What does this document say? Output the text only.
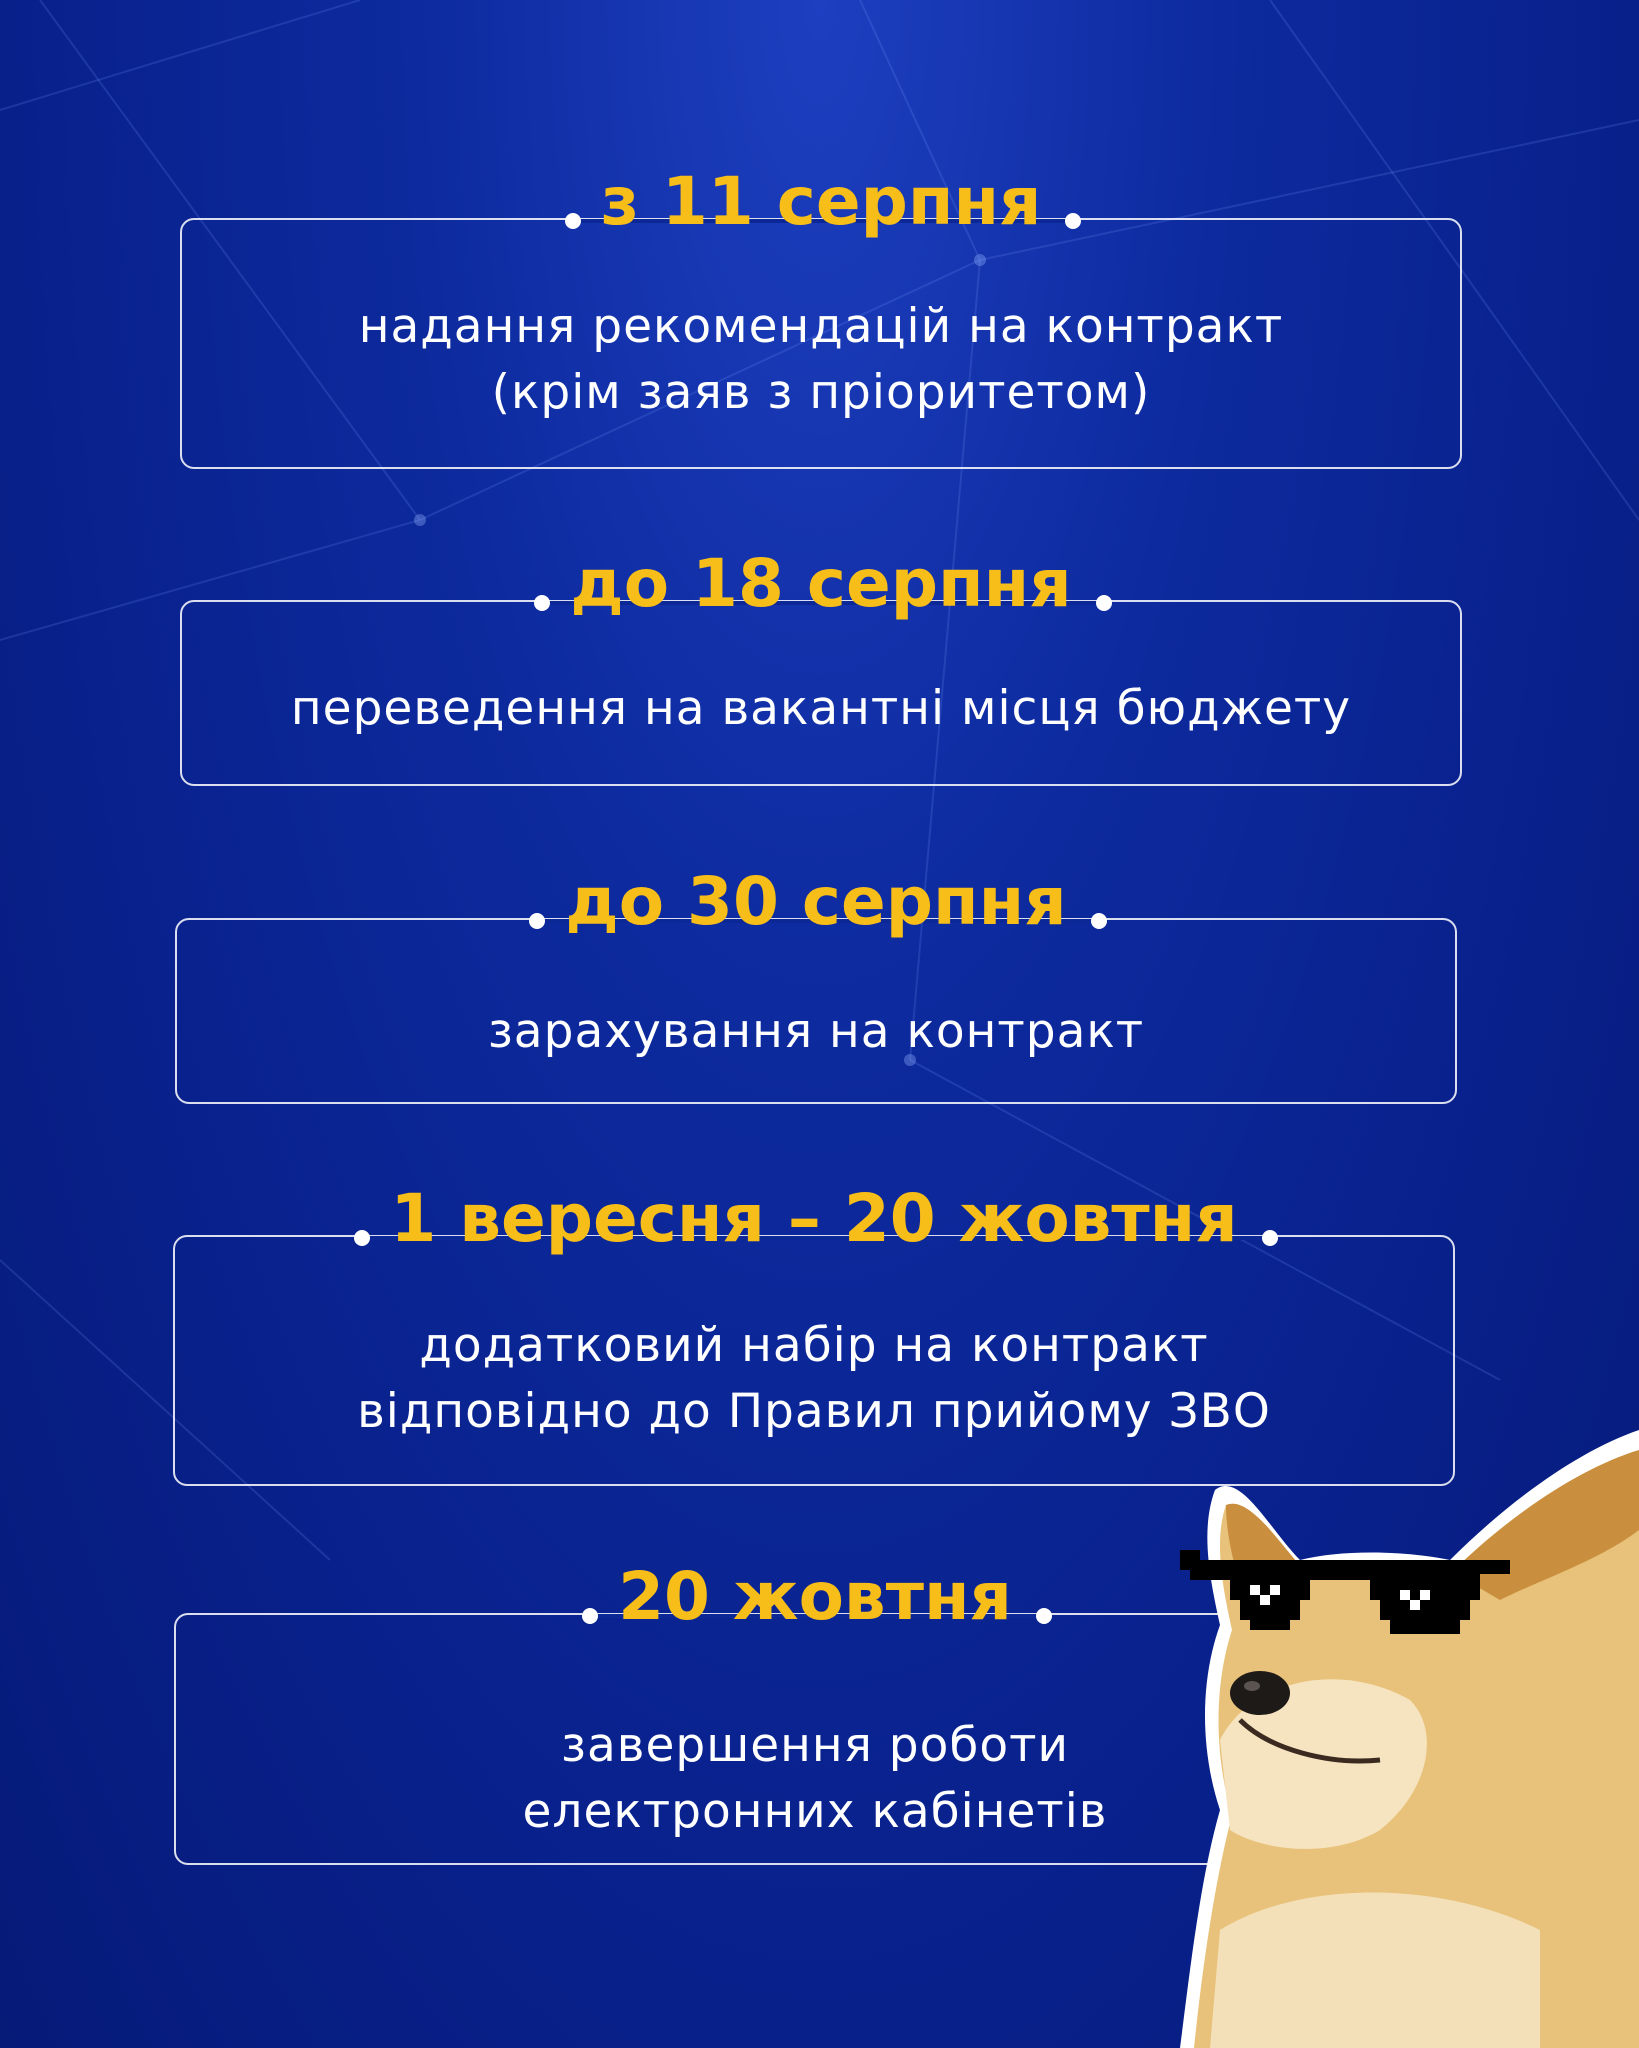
з 11 серпня
надання рекомендацій на контракт
(крім заяв з пріоритетом)
до 18 серпня
переведення на вакантні місця бюджету
до 30 серпня
зарахування на контракт
1 вересня – 20 жовтня
додатковий набір на контракт
відповідно до Правил прийому ЗВО
20 жовтня
завершення роботи
електронних кабінетів
